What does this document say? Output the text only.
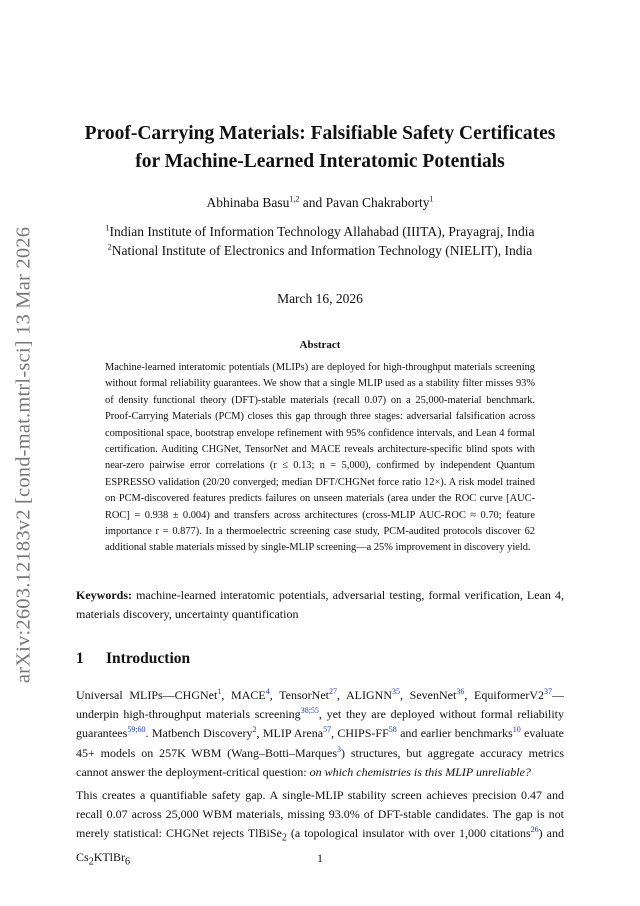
arXiv:2603.12183v2 [cond-mat.mtrl-sci] 13 Mar 2026
Proof-Carrying Materials: Falsifiable Safety Certificates
for Machine-Learned Interatomic Potentials
Abhinaba Basu$^{1,2}$ and Pavan Chakraborty$^1$
$^1$Indian Institute of Information Technology Allahabad (IIITA), Prayagraj, India
$^2$National Institute of Electronics and Information Technology (NIELIT), India
March 16, 2026
Abstract
Machine-learned interatomic potentials (MLIPs) are deployed for high-throughput materials screening without formal reliability guarantees. We show that a single MLIP used as a stability filter misses 93% of density functional theory (DFT)-stable materials (recall 0.07) on a 25,000-material benchmark. Proof-Carrying Materials (PCM) closes this gap through three stages: adversarial falsification across compositional space, bootstrap envelope refinement with 95% confidence intervals, and Lean 4 formal certification. Auditing CHGNet, TensorNet and MACE reveals architecture-specific blind spots with near-zero pairwise error correlations (r ≤ 0.13; n = 5,000), confirmed by independent Quantum ESPRESSO validation (20/20 converged; median DFT/CHGNet force ratio 12×). A risk model trained on PCM-discovered features predicts failures on unseen materials (area under the ROC curve [AUC-ROC] = 0.938 ± 0.004) and transfers across architectures (cross-MLIP AUC-ROC ≈ 0.70; feature importance r = 0.877). In a thermoelectric screening case study, PCM-audited protocols discover 62 additional stable materials missed by single-MLIP screening—a 25% improvement in discovery yield.
Keywords: machine-learned interatomic potentials, adversarial testing, formal verification, Lean 4, materials discovery, uncertainty quantification
1 Introduction
Universal MLIPs—CHGNet$^1$, MACE$^4$, TensorNet$^{27}$, ALIGNN$^{35}$, SevenNet$^{36}$, EquiformerV2$^{37}$—underpin high-throughput materials screening$^{38;55}$, yet they are deployed without formal reliability guarantees$^{59;60}$. Matbench Discovery$^2$, MLIP Arena$^{57}$, CHIPS-FF$^{58}$ and earlier benchmarks$^{10}$ evaluate 45+ models on 257K WBM (Wang–Botti–Marques$^3$) structures, but aggregate accuracy metrics cannot answer the deployment-critical question: on which chemistries is this MLIP unreliable?
This creates a quantifiable safety gap. A single-MLIP stability screen achieves precision 0.47 and recall 0.07 across 25,000 WBM materials, missing 93.0% of DFT-stable candidates. The gap is not merely statistical: CHGNet rejects TlBiSe$_2$ (a topological insulator with over 1,000 citations$^{26}$) and $Cs_2KTlBr_6$	1
